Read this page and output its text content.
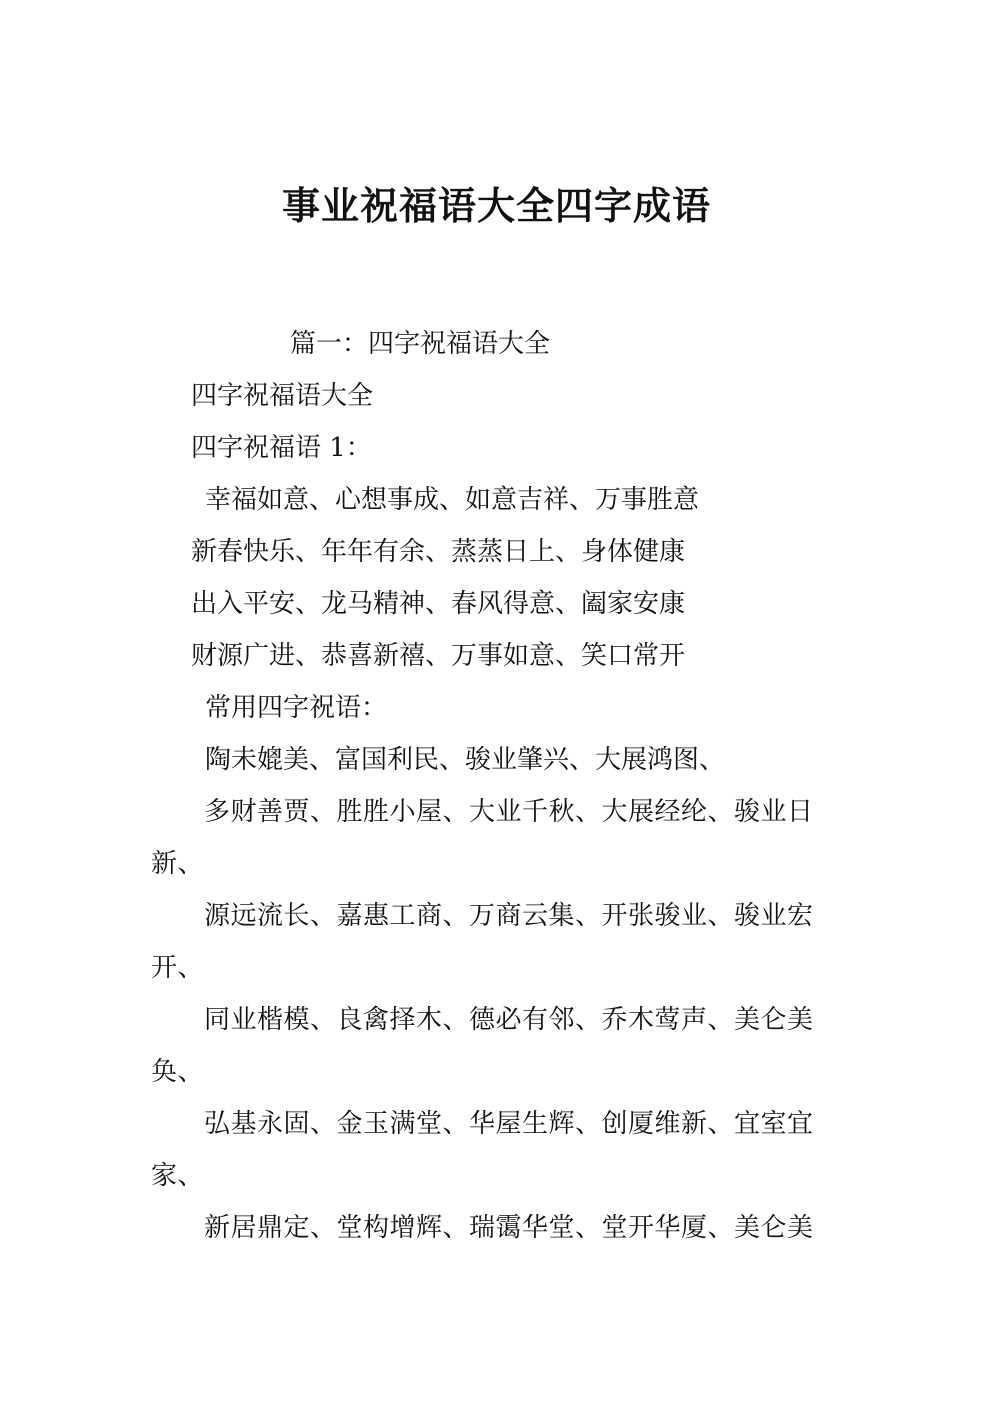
事业祝福语大全四字成语
篇一：四字祝福语大全
四字祝福语大全
四字祝福语 1：
幸福如意、心想事成、如意吉祥、万事胜意
新春快乐、年年有余、蒸蒸日上、身体健康
出入平安、龙马精神、春风得意、阖家安康
财源广进、恭喜新禧、万事如意、笑口常开
常用四字祝语：
陶未媲美、富国利民、骏业肇兴、大展鸿图、
多财善贾、胜胜小屋、大业千秋、大展经纶、骏业日新、
源远流长、嘉惠工商、万商云集、开张骏业、骏业宏开、
同业楷模、良禽择木、德必有邻、乔木莺声、美仑美奂、
弘基永固、金玉满堂、华屋生辉、创厦维新、宜室宜家、
新居鼎定、堂构增辉、瑞霭华堂、堂开华厦、美仑美
